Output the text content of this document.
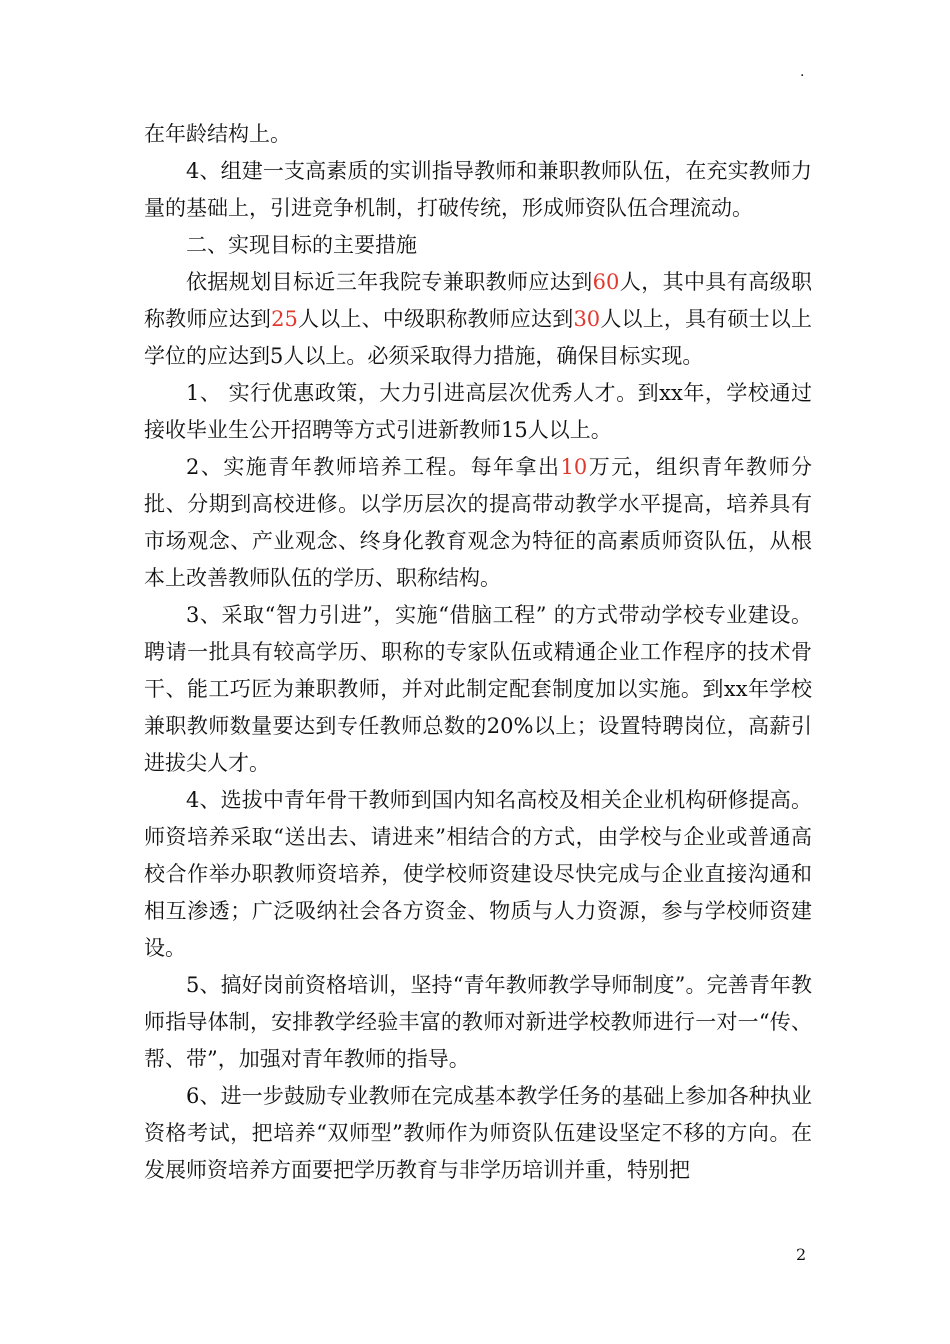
.

在年龄结构上。

4、组建一支高素质的实训指导教师和兼职教师队伍，在充实教师力量的基础上，引进竞争机制，打破传统，形成师资队伍合理流动。

二、实现目标的主要措施

依据规划目标近三年我院专兼职教师应达到60人，其中具有高级职称教师应达到25人以上、中级职称教师应达到30人以上，具有硕士以上学位的应达到5人以上。必须采取得力措施，确保目标实现。

1、 实行优惠政策，大力引进高层次优秀人才。到xx年，学校通过接收毕业生公开招聘等方式引进新教师15人以上。

2、实施青年教师培养工程。每年拿出10万元，组织青年教师分批、分期到高校进修。以学历层次的提高带动教学水平提高，培养具有市场观念、产业观念、终身化教育观念为特征的高素质师资队伍，从根本上改善教师队伍的学历、职称结构。

3、采取“智力引进”，实施“借脑工程” 的方式带动学校专业建设。聘请一批具有较高学历、职称的专家队伍或精通企业工作程序的技术骨干、能工巧匠为兼职教师，并对此制定配套制度加以实施。到xx年学校兼职教师数量要达到专任教师总数的20%以上；设置特聘岗位，高薪引进拔尖人才。

4、选拔中青年骨干教师到国内知名高校及相关企业机构研修提高。师资培养采取“送出去、请进来”相结合的方式，由学校与企业或普通高校合作举办职教师资培养，使学校师资建设尽快完成与企业直接沟通和相互渗透；广泛吸纳社会各方资金、物质与人力资源，参与学校师资建设。

5、搞好岗前资格培训，坚持“青年教师教学导师制度”。完善青年教师指导体制，安排教学经验丰富的教师对新进学校教师进行一对一“传、帮、带”，加强对青年教师的指导。

6、进一步鼓励专业教师在完成基本教学任务的基础上参加各种执业资格考试，把培养“双师型”教师作为师资队伍建设坚定不移的方向。在发展师资培养方面要把学历教育与非学历培训并重，特别把

2
